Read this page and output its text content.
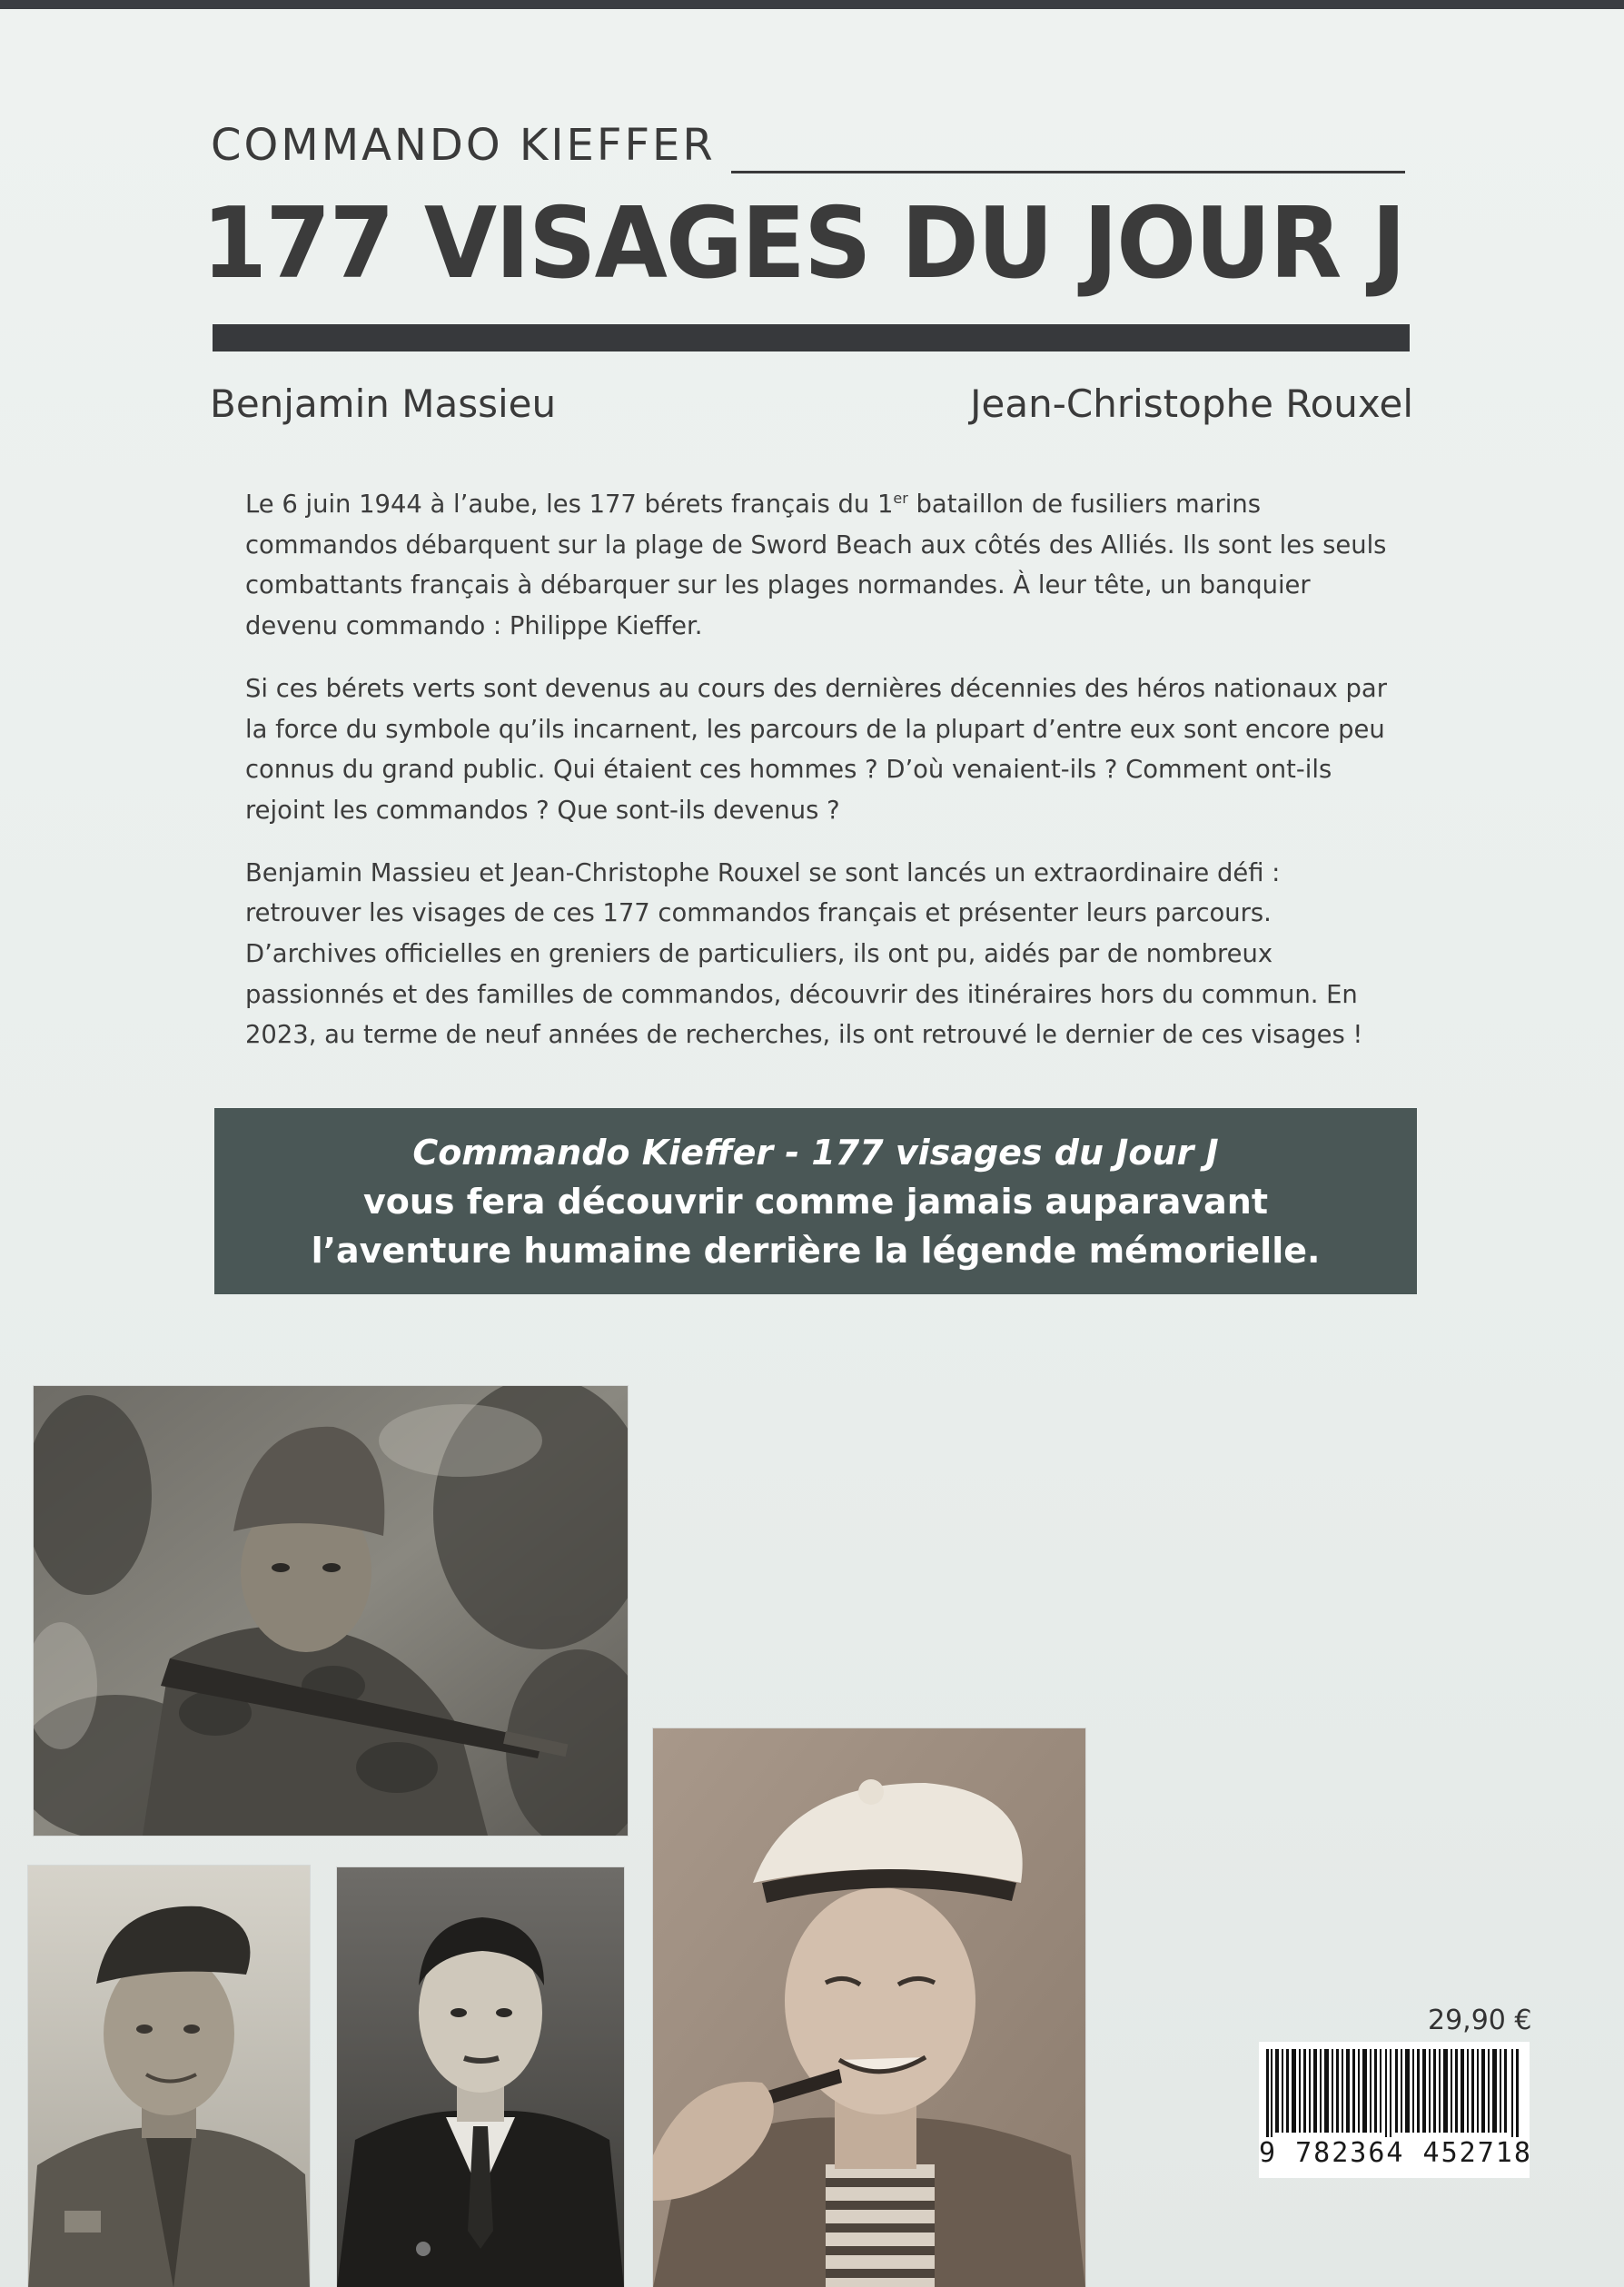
COMMANDO KIEFFER
177 VISAGES DU JOUR J
Benjamin Massieu	Jean-Christophe Rouxel

Le 6 juin 1944 à l’aube, les 177 bérets français du 1er bataillon de fusiliers marins commandos débarquent sur la plage de Sword Beach aux côtés des Alliés. Ils sont les seuls combattants français à débarquer sur les plages normandes. À leur tête, un banquier devenu commando : Philippe Kieffer.

Si ces bérets verts sont devenus au cours des dernières décennies des héros nationaux par la force du symbole qu’ils incarnent, les parcours de la plupart d’entre eux sont encore peu connus du grand public. Qui étaient ces hommes ? D’où venaient-ils ? Comment ont-ils rejoint les commandos ? Que sont-ils devenus ?

Benjamin Massieu et Jean-Christophe Rouxel se sont lancés un extraordinaire défi : retrouver les visages de ces 177 commandos français et présenter leurs parcours. D’archives officielles en greniers de particuliers, ils ont pu, aidés par de nombreux passionnés et des familles de commandos, découvrir des itinéraires hors du commun. En 2023, au terme de neuf années de recherches, ils ont retrouvé le dernier de ces visages !

Commando Kieffer - 177 visages du Jour J
vous fera découvrir comme jamais auparavant
l’aventure humaine derrière la légende mémorielle.
29,90 €
9 782364 452718
